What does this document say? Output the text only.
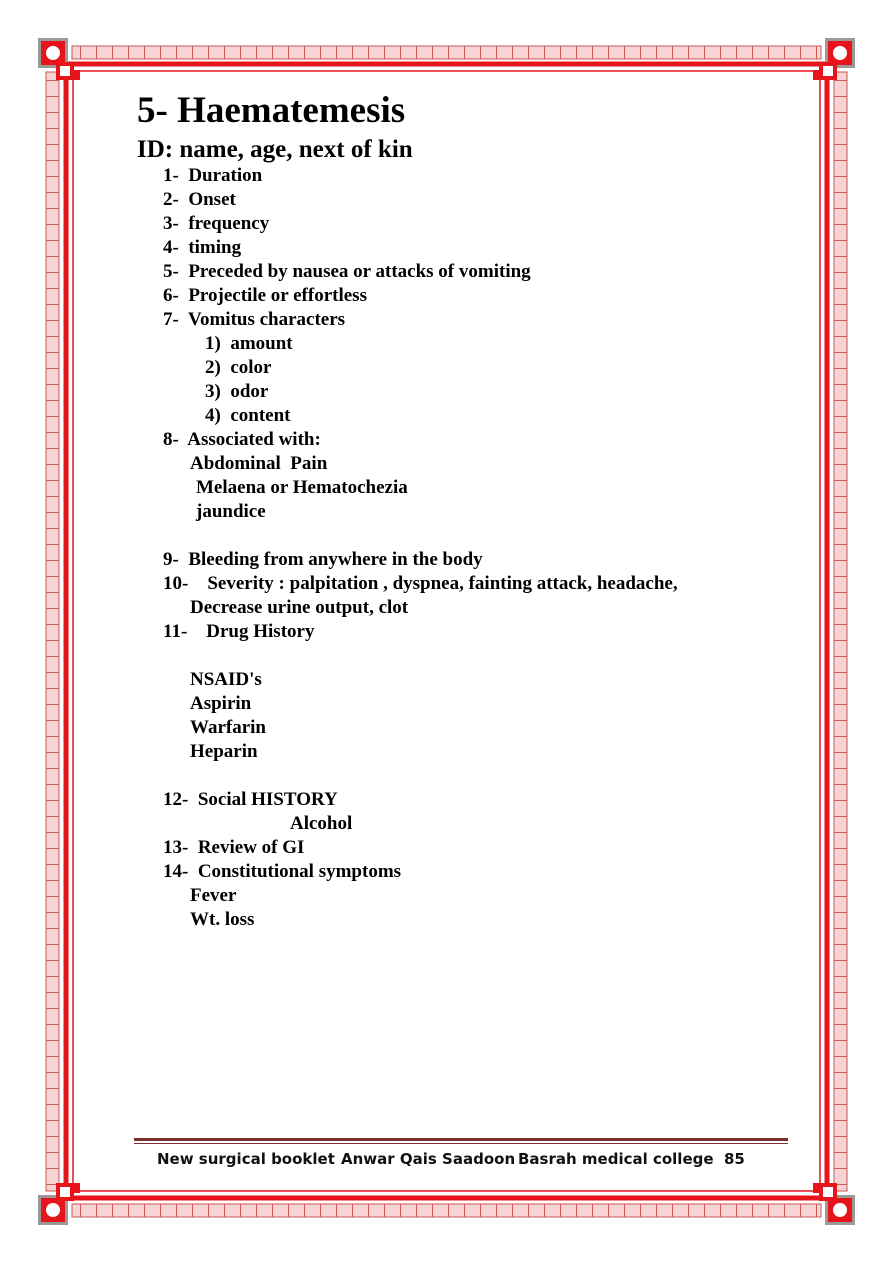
5- Haematemesis
ID: name, age, next of kin
1-  Duration
2-  Onset
3-  frequency
4-  timing
5-  Preceded by nausea or attacks of vomiting
6-  Projectile or effortless
7-  Vomitus characters
1)  amount
2)  color
3)  odor
4)  content
8-  Associated with:
Abdominal  Pain
Melaena or Hematochezia
jaundice
9-  Bleeding from anywhere in the body
10-    Severity : palpitation , dyspnea, fainting attack, headache,
Decrease urine output, clot
11-    Drug History
NSAID's
Aspirin
Warfarin
Heparin
12-  Social HISTORY
Alcohol
13-  Review of GI
14-  Constitutional symptoms
Fever
Wt. loss
New surgical booklet Anwar Qais Saadoon Basrah medical college 85
